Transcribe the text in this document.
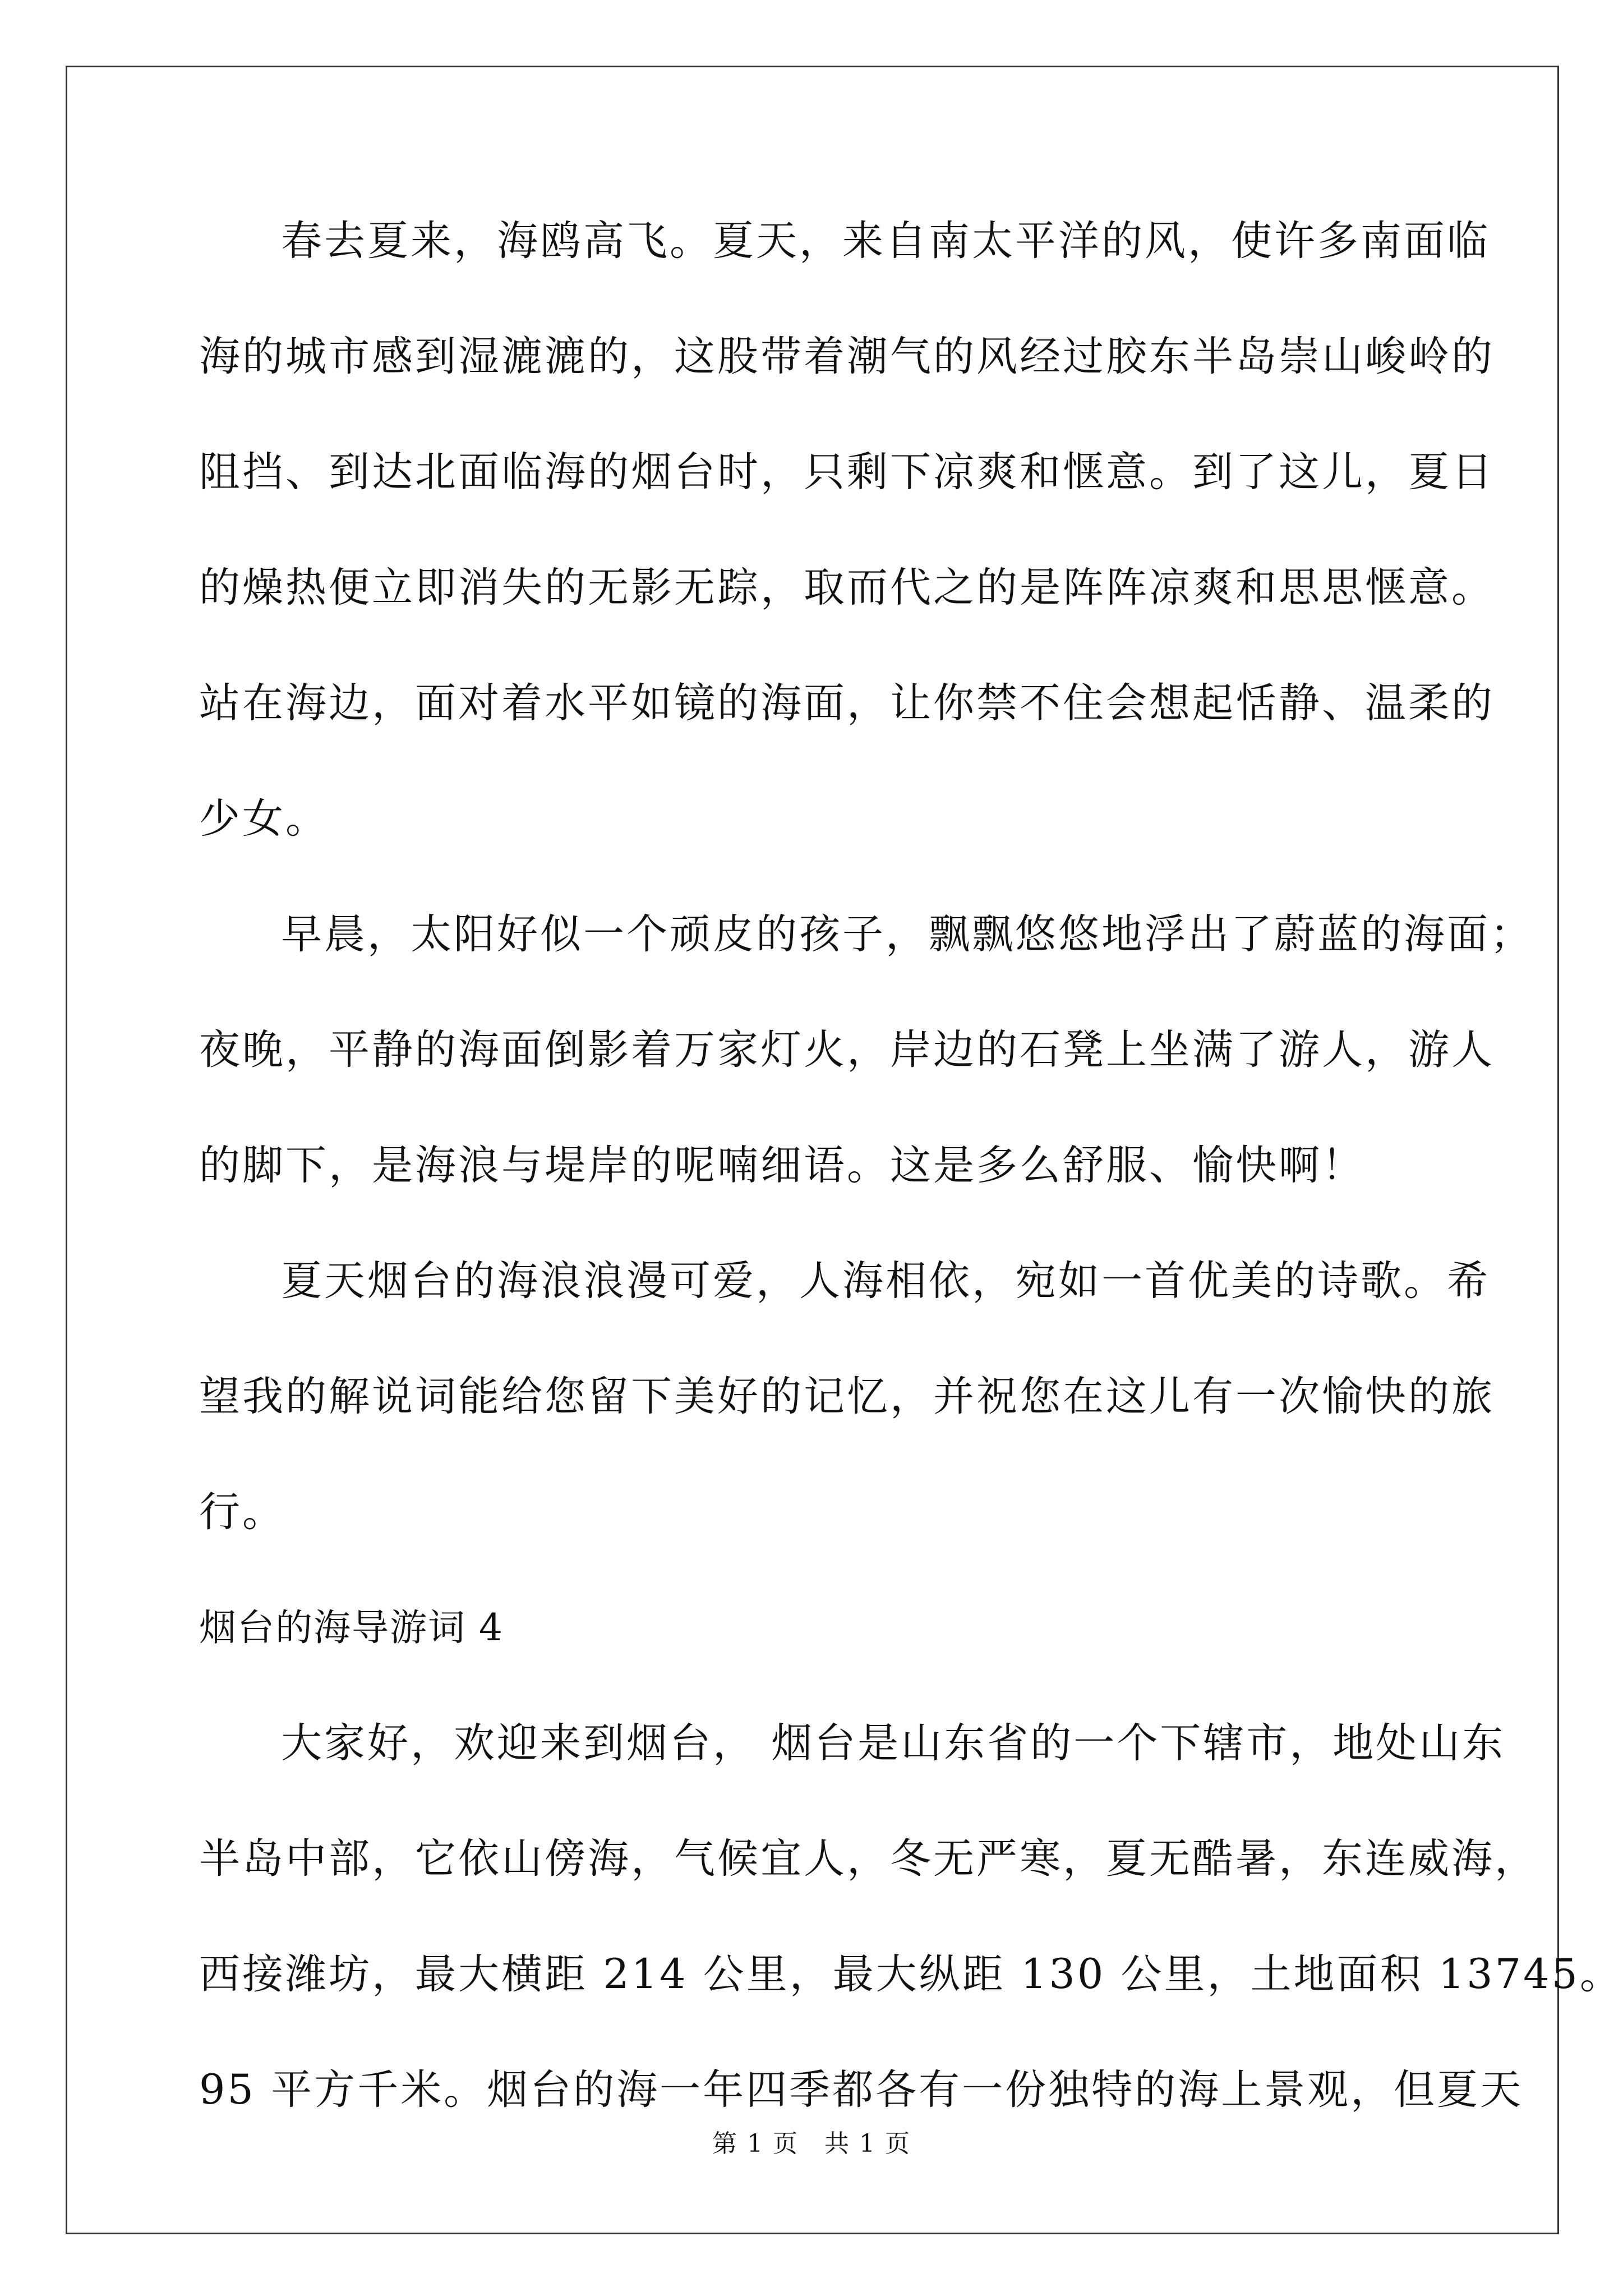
春去夏来，海鸥高飞。夏天，来自南太平洋的风，使许多南面临
海的城市感到湿漉漉的，这股带着潮气的风经过胶东半岛崇山峻岭的
阻挡、到达北面临海的烟台时，只剩下凉爽和惬意。到了这儿，夏日
的燥热便立即消失的无影无踪，取而代之的是阵阵凉爽和思思惬意。
站在海边，面对着水平如镜的海面，让你禁不住会想起恬静、温柔的
少女。
早晨，太阳好似一个顽皮的孩子，飘飘悠悠地浮出了蔚蓝的海面；
夜晚，平静的海面倒影着万家灯火，岸边的石凳上坐满了游人，游人
的脚下，是海浪与堤岸的呢喃细语。这是多么舒服、愉快啊！
夏天烟台的海浪浪漫可爱，人海相依，宛如一首优美的诗歌。希
望我的解说词能给您留下美好的记忆，并祝您在这儿有一次愉快的旅
行。
烟台的海导游词 4
大家好，欢迎来到烟台， 烟台是山东省的一个下辖市，地处山东
半岛中部，它依山傍海，气候宜人，冬无严寒，夏无酷暑，东连威海，
西接潍坊，最大横距 214 公里，最大纵距 130 公里，土地面积 13745。
95 平方千米。烟台的海一年四季都各有一份独特的海上景观，但夏天
第 1 页　共 1 页
